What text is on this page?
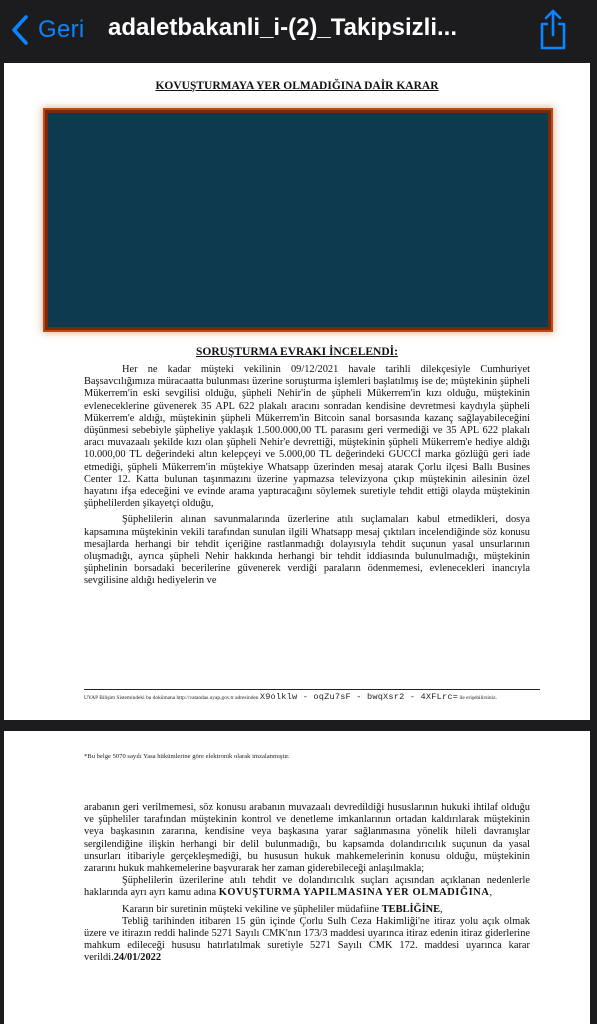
Geri adaletbakanli_i-(2)_Takipsizli...
KOVUŞTURMAYA YER OLMADIĞINA DAİR KARAR
SORUŞTURMA EVRAKI İNCELENDİ:

Her ne kadar müşteki vekilinin 09/12/2021 havale tarihli dilekçesiyle Cumhuriyet Başsavcılığımıza müracaatta bulunması üzerine soruşturma işlemleri başlatılmış ise de; müştekinin şüpheli Mükerrem'in eski sevgilisi olduğu, şüpheli Nehir'in de şüpheli Mükerrem'in kızı olduğu, müştekinin evleneceklerine güvenerek 35 APL 622 plakalı aracını sonradan kendisine devretmesi kaydıyla şüpheli Mükerrem'e aldığı, müştekinin şüpheli Mükerrem'in Bitcoin sanal borsasında kazanç sağlayabileceğini düşünmesi sebebiyle şüpheliye yaklaşık 1.500.000,00 TL parasını geri vermediği ve 35 APL 622 plakalı aracı muvazaalı şekilde kızı olan şüpheli Nehir'e devrettiği, müştekinin şüpheli Mükerrem'e hediye aldığı 10.000,00 TL değerindeki altın kelepçeyi ve 5.000,00 TL değerindeki GUCCİ marka gözlüğü geri iade etmediği, şüpheli Mükerrem'in müştekiye Whatsapp üzerinden mesaj atarak Çorlu ilçesi Ballı Busines Center 12. Katta bulunan taşınmazını üzerine yapmazsa televizyona çıkıp müştekinin ailesinin özel hayatını ifşa edeceğini ve evinde arama yaptıracağını söylemek suretiyle tehdit ettiği olayda müştekinin şüphelilerden şikayetçi olduğu,

Şüphelilerin alınan savunmalarında üzerlerine atılı suçlamaları kabul etmedikleri, dosya kapsamına müştekinin vekili tarafından sunulan ilgili Whatsapp mesaj çıktıları incelendiğinde söz konusu mesajlarda herhangi bir tehdit içeriğine rastlanmadığı dolayısıyla tehdit suçunun yasal unsurlarının oluşmadığı, ayrıca şüpheli Nehir hakkında herhangi bir tehdit iddiasında bulunulmadığı, müştekinin şüphelinin borsadaki becerilerine güvenerek verdiği paraların ödenmemesi, evlenecekleri inancıyla sevgilisine aldığı hediyelerin ve

UYAP Bilişim Sistemindeki bu dokümana http://vatandas.uyap.gov.tr adresinden X9olklw - oqZu7sF - bwqXsr2 - 4XFLrc= ile erişebilirsiniz.
*Bu belge 5070 sayılı Yasa hükümlerine göre elektronik olarak imzalanmıştır.

arabanın geri verilmemesi, söz konusu arabanın muvazaalı devredildiği hususlarının hukuki ihtilaf olduğu ve şüpheliler tarafından müştekinin kontrol ve denetleme imkanlarının ortadan kaldırılarak müştekinin veya başkasının zararına, kendisine veya başkasına yarar sağlanmasına yönelik hileli davranışlar sergilendiğine ilişkin herhangi bir delil bulunmadığı, bu kapsamda dolandırıcılık suçunun da yasal unsurları itibariyle gerçekleşmediği, bu hususun hukuk mahkemelerinin konusu olduğu, müştekinin zararını hukuk mahkemelerine başvurarak her zaman giderebileceği anlaşılmakla;

Şüphelilerin üzerilerine atılı tehdit ve dolandırıcılık suçları açısından açıklanan nedenlerle haklarında ayrı ayrı kamu adına KOVUŞTURMA YAPILMASINA YER OLMADIĞINA,

Kararın bir suretinin müşteki vekiline ve şüpheliler müdafiine TEBLİĞİNE,

Tebliğ tarihinden itibaren 15 gün içinde Çorlu Sulh Ceza Hakimliği'ne itiraz yolu açık olmak üzere ve itirazın reddi halinde 5271 Sayılı CMK'nın 173/3 maddesi uyarınca itiraz edenin itiraz giderlerine mahkum edileceği hususu hatırlatılmak suretiyle 5271 Sayılı CMK 172. maddesi uyarınca karar verildi.24/01/2022
